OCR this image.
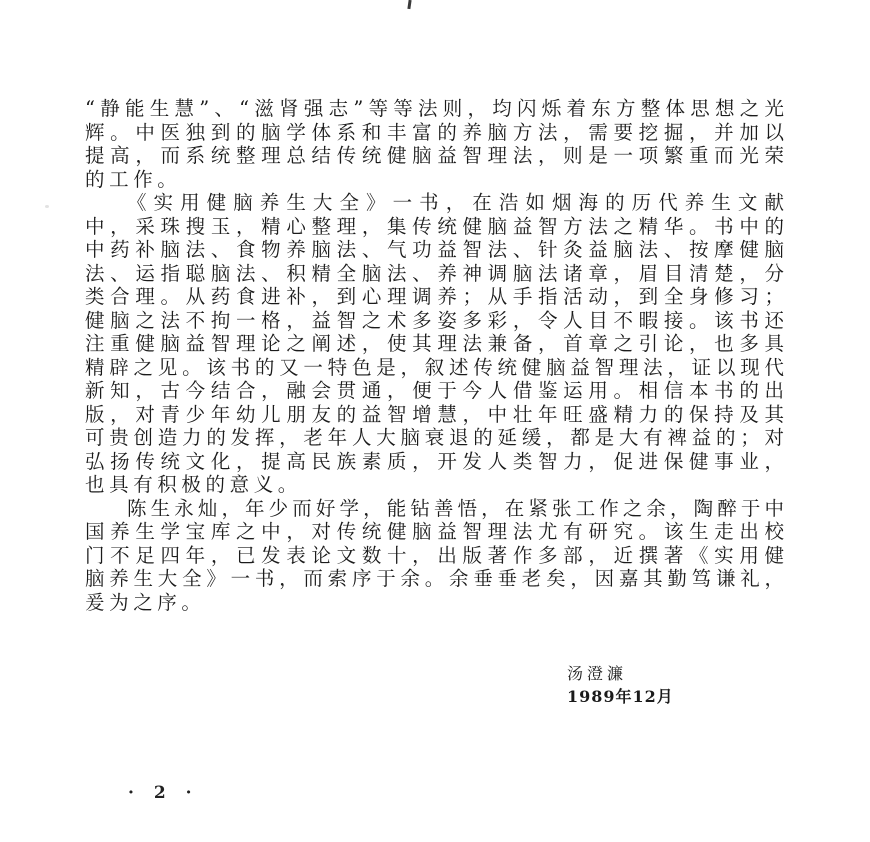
“静能生慧”、“滋肾强志”等等法则，均闪烁着东方整体思想之光
辉。中医独到的脑学体系和丰富的养脑方法，需要挖掘，并加以
提高，而系统整理总结传统健脑益智理法，则是一项繁重而光荣
的工作。
《实用健脑养生大全》一书，在浩如烟海的历代养生文献
中，采珠搜玉，精心整理，集传统健脑益智方法之精华。书中的
中药补脑法、食物养脑法、气功益智法、针灸益脑法、按摩健脑
法、运指聪脑法、积精全脑法、养神调脑法诸章，眉目清楚，分
类合理。从药食进补，到心理调养；从手指活动，到全身修习；
健脑之法不拘一格，益智之术多姿多彩，令人目不暇接。该书还
注重健脑益智理论之阐述，使其理法兼备，首章之引论，也多具
精辟之见。该书的又一特色是，叙述传统健脑益智理法，证以现代
新知，古今结合，融会贯通，便于今人借鉴运用。相信本书的出
版，对青少年幼儿朋友的益智增慧，中壮年旺盛精力的保持及其
可贵创造力的发挥，老年人大脑衰退的延缓，都是大有裨益的；对
弘扬传统文化，提高民族素质，开发人类智力，促进保健事业，
也具有积极的意义。
陈生永灿，年少而好学，能钻善悟，在紧张工作之余，陶醉于中
国养生学宝库之中，对传统健脑益智理法尤有研究。该生走出校
门不足四年，已发表论文数十，出版著作多部，近撰著《实用健
脑养生大全》一书，而索序于余。余垂垂老矣，因嘉其勤笃谦礼，
爰为之序。
汤澄濂
1989年12月
· 2 ·
